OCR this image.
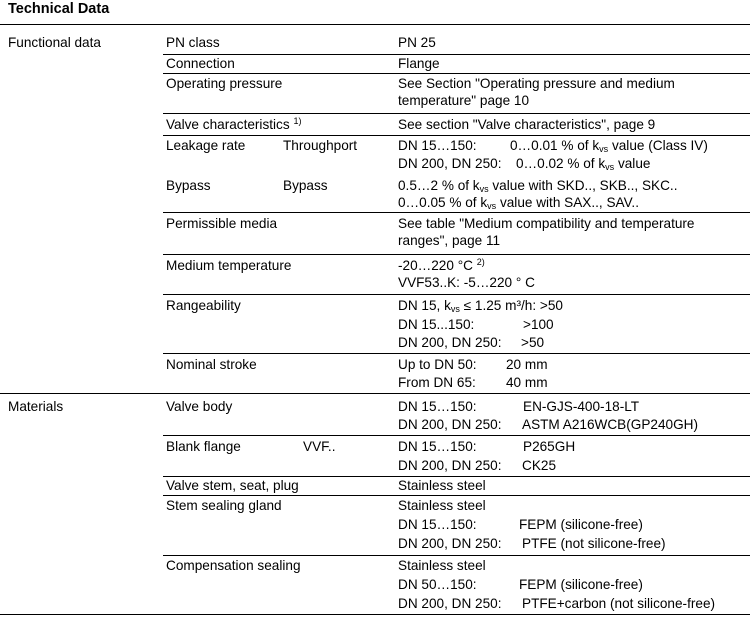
Technical Data
Functional data
Materials
PN class	PN 25
Connection	Flange
Operating pressure	See Section "Operating pressure and medium
temperature" page 10
Valve characteristics $^{1)}$	See section "Valve characteristics", page 9
Leakage rate	Throughport	DN 15…150: 0…0.01 % of kvs value (Class IV)
DN 200, DN 250: 0…0.02 % of kvs value
Bypass	Bypass	0.5…2 % of kvs value with SKD.., SKB.., SKC..
0…0.05 % of kvs value with SAX.., SAV..
Permissible media	See table "Medium compatibility and temperature
ranges", page 11
Medium temperature	-20…220 °C $^{2)}$
VVF53..K: -5…220 ° C
Rangeability	DN 15, kvs ≤ 1.25 m³/h: >50
DN 15...150:	>100
DN 200, DN 250: >50
Nominal stroke	Up to DN 50: 20 mm
From DN 65: 40 mm
Valve body	DN 15…150:	EN-GJS-400-18-LT
DN 200, DN 250: ASTM A216WCB(GP240GH)
Blank flange	VVF..	DN 15…150:	P265GH
DN 200, DN 250: CK25
Valve stem, seat, plug	Stainless steel
Stem sealing gland	Stainless steel
DN 15…150:	FEPM (silicone-free)
DN 200, DN 250: PTFE (not silicone-free)
Compensation sealing	Stainless steel
DN 50…150:	FEPM (silicone-free)
DN 200, DN 250: PTFE+carbon (not silicone-free)
